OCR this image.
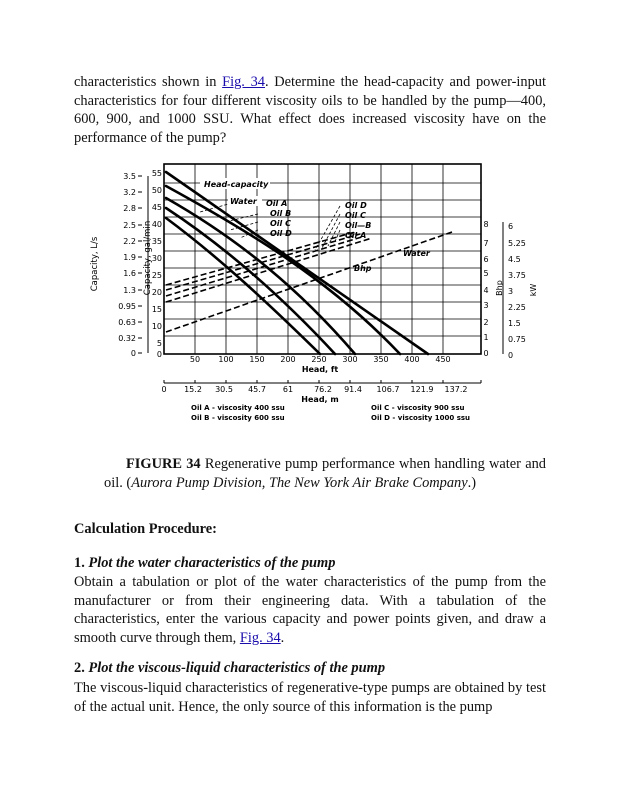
characteristics shown in Fig. 34. Determine the head-capacity and power-input characteristics for four different viscosity oils to be handled by the pump—400, 600, 900, and 1000 SSU. What effect does increased viscosity have on the performance of the pump?

3.5
3.2
2.8
2.5
2.2
1.9
1.6
1.3
0.95
0.63
0.32
0
Capacity, L/s
55
50
45
40
35
30
25
20
15
10
5
0
Capacity, gal/min	8
7
6
5
4
3
2
1
0
Bhp
6
5.25
4.5
3.75
3
2.25
1.5
0.75
0
kW
50 100 150 200 250 300 350 400 450
Head, ft
0 15.2 30.5 45.7 61	76.2 91.4 106.7 121.9 137.2
Head, m
Head-capacity
Water Oil A
Oil B
Oil C
Oil D
Oil D
Oil C
Oil—B
Oil A
Water
Bhp
Oil A - viscosity 400 ssu
Oil B - viscosity 600 ssu
Oil C - viscosity 900 ssu
Oil D - viscosity 1000 ssu

FIGURE 34 Regenerative pump performance when handling water and oil. (Aurora Pump Division, The New York Air Brake Company.)

Calculation Procedure:

1. Plot the water characteristics of the pump

Obtain a tabulation or plot of the water characteristics of the pump from the manufacturer or from their engineering data. With a tabulation of the characteristics, enter the various capacity and power points given, and draw a smooth curve through them, Fig. 34.

2. Plot the viscous-liquid characteristics of the pump

The viscous-liquid characteristics of regenerative-type pumps are obtained by test of the actual unit. Hence, the only source of this information is the pump
